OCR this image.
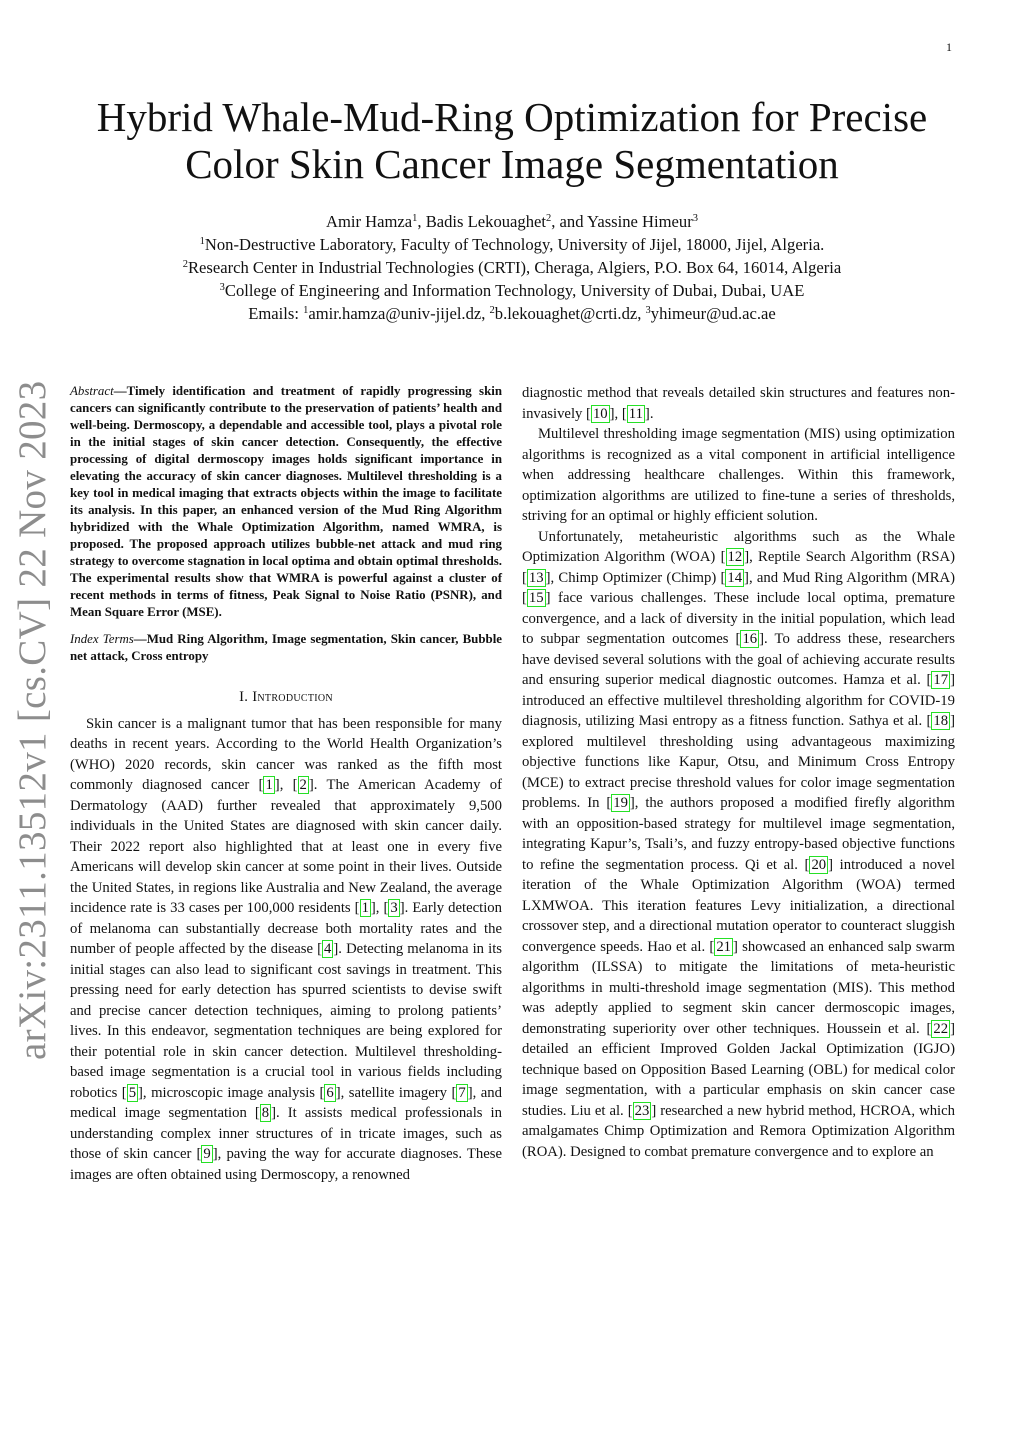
1
arXiv:2311.13512v1 [cs.CV] 22 Nov 2023
Hybrid Whale-Mud-Ring Optimization for Precise
Color Skin Cancer Image Segmentation
Amir Hamza$^1$, Badis Lekouaghet$^2$, and Yassine Himeur$^3$
$^1$Non-Destructive Laboratory, Faculty of Technology, University of Jijel, 18000, Jijel, Algeria.
$^2$Research Center in Industrial Technologies (CRTI), Cheraga, Algiers, P.O. Box 64, 16014, Algeria
$^3$College of Engineering and Information Technology, University of Dubai, Dubai, UAE
Emails: $^1$amir.hamza@univ-jijel.dz, $^2$b.lekouaghet@crti.dz, $^3$yhimeur@ud.ac.ae

Abstract—Timely identification and treatment of rapidly progressing skin cancers can significantly contribute to the preservation of patients’ health and well-being. Dermoscopy, a dependable and accessible tool, plays a pivotal role in the initial stages of skin cancer detection. Consequently, the effective processing of digital dermoscopy images holds significant importance in elevating the accuracy of skin cancer diagnoses. Multilevel thresholding is a key tool in medical imaging that extracts objects within the image to facilitate its analysis. In this paper, an enhanced version of the Mud Ring Algorithm hybridized with the Whale Optimization Algorithm, named WMRA, is proposed. The proposed approach utilizes bubble-net attack and mud ring strategy to overcome stagnation in local optima and obtain optimal thresholds. The experimental results show that WMRA is powerful against a cluster of recent methods in terms of fitness, Peak Signal to Noise Ratio (PSNR), and Mean Square Error (MSE).

Index Terms—Mud Ring Algorithm, Image segmentation, Skin cancer, Bubble net attack, Cross entropy

I. Introduction

Skin cancer is a malignant tumor that has been responsible for many deaths in recent years. According to the World Health Organization’s (WHO) 2020 records, skin cancer was ranked as the fifth most commonly diagnosed cancer [ 1 ], [ 2 ]. The American Academy of Dermatology (AAD) further revealed that approximately 9,500 individuals in the United States are diagnosed with skin cancer daily. Their 2022 report also highlighted that at least one in every five Americans will develop skin cancer at some point in their lives. Outside the United States, in regions like Australia and New Zealand, the average incidence rate is 33 cases per 100,000 residents [ 1 ], [ 3 ]. Early detection of melanoma can substantially decrease both mortality rates and the number of people affected by the disease [ 4 ]. Detecting melanoma in its initial stages can also lead to significant cost savings in treatment. This pressing need for early detection has spurred scientists to devise swift and precise cancer detection techniques, aiming to prolong patients’ lives. In this endeavor, segmentation techniques are being explored for their potential role in skin cancer detection. Multilevel thresholding-based image segmentation is a crucial tool in various fields including robotics [ 5 ], microscopic image analysis [ 6 ], satellite imagery [ 7 ], and medical image segmentation [ 8 ]. It assists medical professionals in understanding complex inner structures of in tricate images, such as those of skin cancer [ 9 ], paving the way for accurate diagnoses. These images are often obtained using Dermoscopy, a renowned

diagnostic method that reveals detailed skin structures and features non-invasively [ 10 ], [ 11 ].

Multilevel thresholding image segmentation (MIS) using optimization algorithms is recognized as a vital component in artificial intelligence when addressing healthcare challenges. Within this framework, optimization algorithms are utilized to fine-tune a series of thresholds, striving for an optimal or highly efficient solution.

Unfortunately, metaheuristic algorithms such as the Whale Optimization Algorithm (WOA) [ 12 ], Reptile Search Algorithm (RSA) [ 13 ], Chimp Optimizer (Chimp) [ 14 ], and Mud Ring Algorithm (MRA) [ 15 ] face various challenges. These include local optima, premature convergence, and a lack of diversity in the initial population, which lead to subpar segmentation outcomes [ 16 ]. To address these, researchers have devised several solutions with the goal of achieving accurate results and ensuring superior medical diagnostic outcomes. Hamza et al. [ 17 ] introduced an effective multilevel thresholding algorithm for COVID-19 diagnosis, utilizing Masi entropy as a fitness function. Sathya et al. [ 18 ] explored multilevel thresholding using advantageous maximizing objective functions like Kapur, Otsu, and Minimum Cross Entropy (MCE) to extract precise threshold values for color image segmentation problems. In [ 19 ], the authors proposed a modified firefly algorithm with an opposition-based strategy for multilevel image segmentation, integrating Kapur’s, Tsali’s, and fuzzy entropy-based objective functions to refine the segmentation process. Qi et al. [ 20 ] introduced a novel iteration of the Whale Optimization Algorithm (WOA) termed LXMWOA. This iteration features Levy initialization, a directional crossover step, and a directional mutation operator to counteract sluggish convergence speeds. Hao et al. [ 21 ] showcased an enhanced salp swarm algorithm (ILSSA) to mitigate the limitations of meta-heuristic algorithms in multi-threshold image segmentation (MIS). This method was adeptly applied to segment skin cancer dermoscopic images, demonstrating superiority over other techniques. Houssein et al. [ 22 ] detailed an efficient Improved Golden Jackal Optimization (IGJO) technique based on Opposition Based Learning (OBL) for medical color image segmentation, with a particular emphasis on skin cancer case studies. Liu et al. [ 23 ] researched a new hybrid method, HCROA, which amalgamates Chimp Optimization and Remora Optimization Algorithm (ROA). Designed to combat premature convergence and to explore an
